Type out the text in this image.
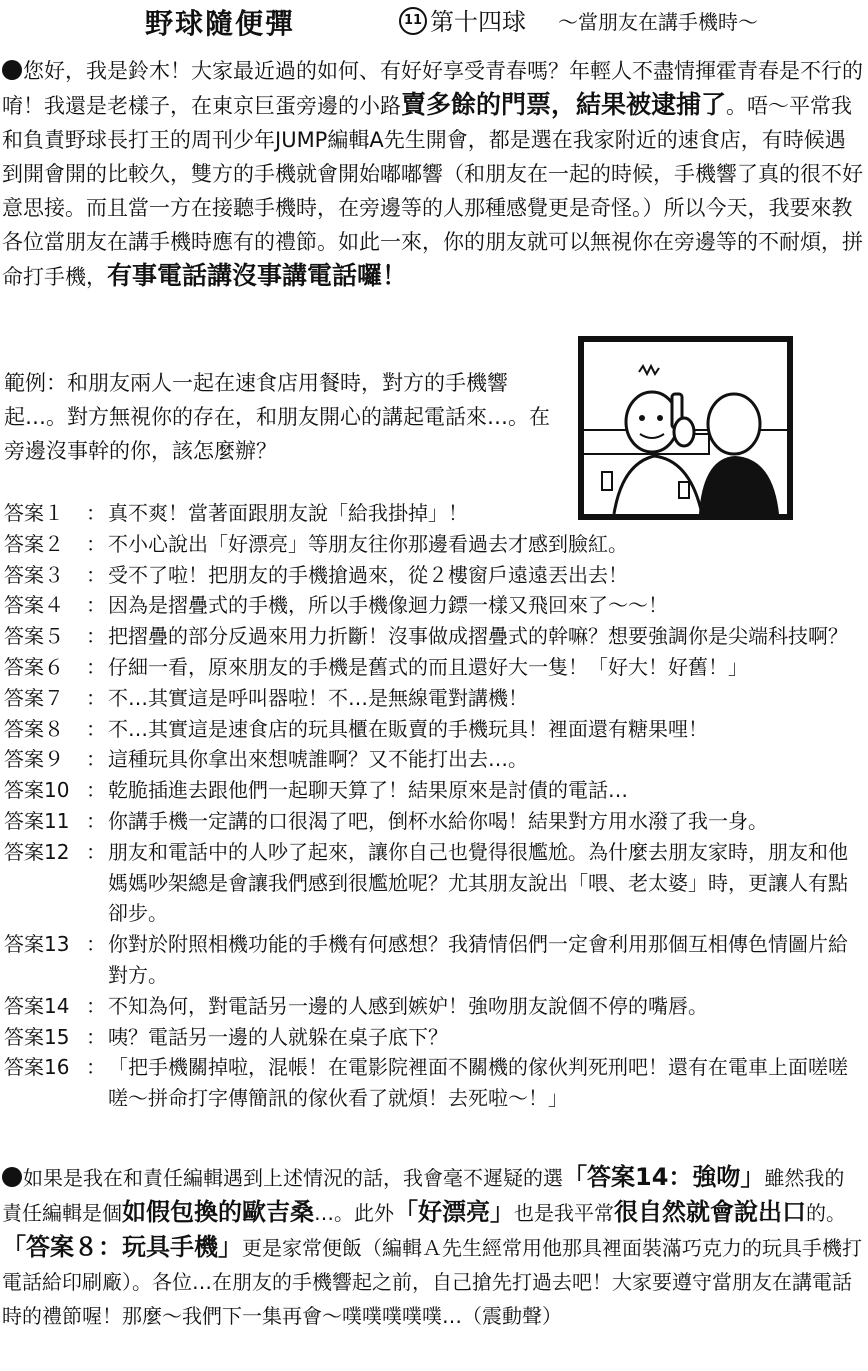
野球隨便彈	11 第十四球 ～當朋友在講手機時～

您好，我是鈴木！大家最近過的如何、有好好享受青春嗎？年輕人不盡情揮霍青春是不行的唷！我還是老樣子，在東京巨蛋旁邊的小路賣多餘的門票，結果被逮捕了。唔～平常我和負責野球長打王的周刊少年JUMP編輯A先生開會，都是選在我家附近的速食店，有時候遇到開會開的比較久，雙方的手機就會開始嘟嘟響（和朋友在一起的時候，手機響了真的很不好意思接。而且當一方在接聽手機時，在旁邊等的人那種感覺更是奇怪。）所以今天，我要來教各位當朋友在講手機時應有的禮節。如此一來，你的朋友就可以無視你在旁邊等的不耐煩，拼命打手機，有事電話講沒事講電話囉！

範例：和朋友兩人一起在速食店用餐時，對方的手機響起…。對方無視你的存在，和朋友開心的講起電話來…。在旁邊沒事幹的你，該怎麼辦？

答案１	： 真不爽！當著面跟朋友說「給我掛掉」！
答案２	： 不小心說出「好漂亮」等朋友往你那邊看過去才感到臉紅。
答案３	： 受不了啦！把朋友的手機搶過來，從２樓窗戶遠遠丟出去！
答案４	： 因為是摺疊式的手機，所以手機像迴力鏢一樣又飛回來了～～！
答案５	： 把摺疊的部分反過來用力折斷！沒事做成摺疊式的幹嘛？想要強調你是尖端科技啊？
答案６	： 仔細一看，原來朋友的手機是舊式的而且還好大一隻！「好大！好舊！」
答案７	： 不…其實這是呼叫器啦！不…是無線電對講機！
答案８	： 不…其實這是速食店的玩具櫃在販賣的手機玩具！裡面還有糖果哩！
答案９	： 這種玩具你拿出來想唬誰啊？又不能打出去…。
答案10 ： 乾脆插進去跟他們一起聊天算了！結果原來是討債的電話…
答案11 ： 你講手機一定講的口很渴了吧，倒杯水給你喝！結果對方用水潑了我一身。
答案12 ： 朋友和電話中的人吵了起來，讓你自己也覺得很尷尬。為什麼去朋友家時，朋友和他媽媽吵架總是會讓我們感到很尷尬呢？尤其朋友說出「喂、老太婆」時，更讓人有點卻步。
答案13 ： 你對於附照相機功能的手機有何感想？我猜情侶們一定會利用那個互相傳色情圖片給對方。
答案14 ： 不知為何，對電話另一邊的人感到嫉妒！強吻朋友說個不停的嘴唇。
答案15 ： 咦？電話另一邊的人就躲在桌子底下？
答案16 ： 「把手機關掉啦，混帳！在電影院裡面不關機的傢伙判死刑吧！還有在電車上面嗟嗟嗟～拼命打字傳簡訊的傢伙看了就煩！去死啦～！」

如果是我在和責任編輯遇到上述情況的話，我會毫不遲疑的選「答案14：強吻」雖然我的責任編輯是個如假包換的歐吉桑…。此外「好漂亮」也是我平常很自然就會說出口的。「答案８：玩具手機」更是家常便飯（編輯Ａ先生經常用他那具裡面裝滿巧克力的玩具手機打電話給印刷廠）。各位…在朋友的手機響起之前，自己搶先打過去吧！大家要遵守當朋友在講電話時的禮節喔！那麼～我們下一集再會～噗噗噗噗噗…（震動聲）
